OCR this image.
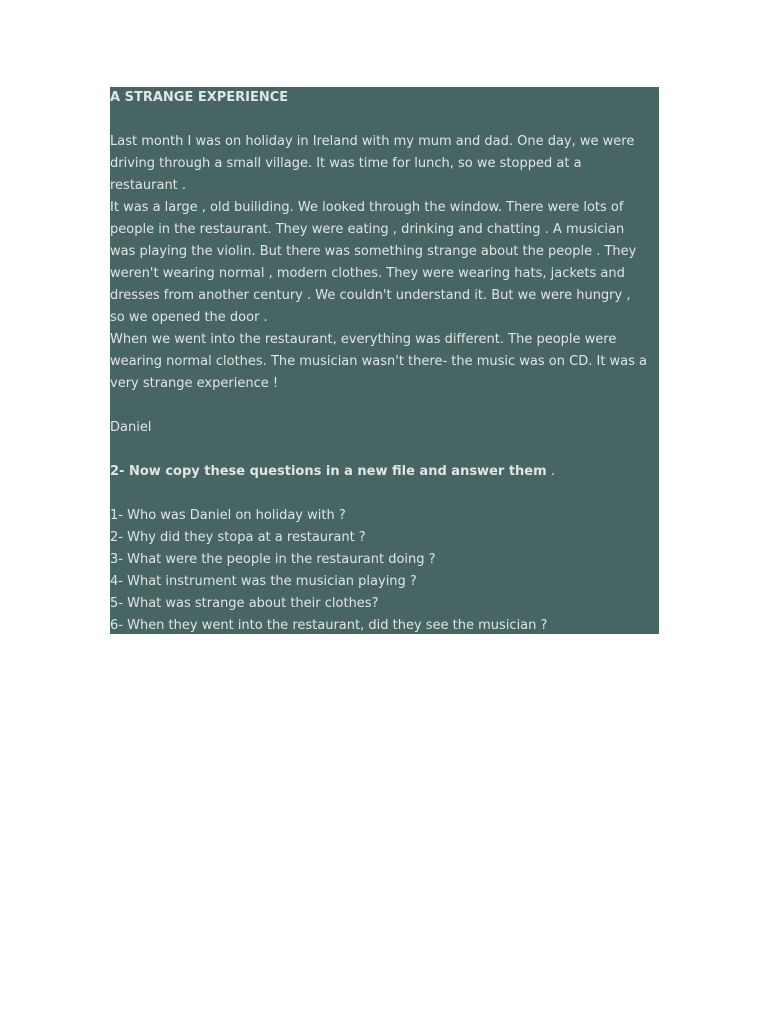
A STRANGE EXPERIENCE
Last month I was on holiday in Ireland with my mum and dad. One day, we were
driving through a small village. It was time for lunch, so we stopped at a
restaurant .
It was a large , old builiding. We looked through the window. There were lots of
people in the restaurant. They were eating , drinking and chatting . A musician
was playing the violin. But there was something strange about the people . They
weren't wearing normal , modern clothes. They were wearing hats, jackets and
dresses from another century . We couldn't understand it. But we were hungry ,
so we opened the door .
When we went into the restaurant, everything was different. The people were
wearing normal clothes. The musician wasn't there- the music was on CD. It was a
very strange experience !
Daniel
2- Now copy these questions in a new file and answer them .
1- Who was Daniel on holiday with ?
2- Why did they stopa at a restaurant ?
3- What were the people in the restaurant doing ?
4- What instrument was the musician playing ?
5- What was strange about their clothes?
6- When they went into the restaurant, did they see the musician ?
